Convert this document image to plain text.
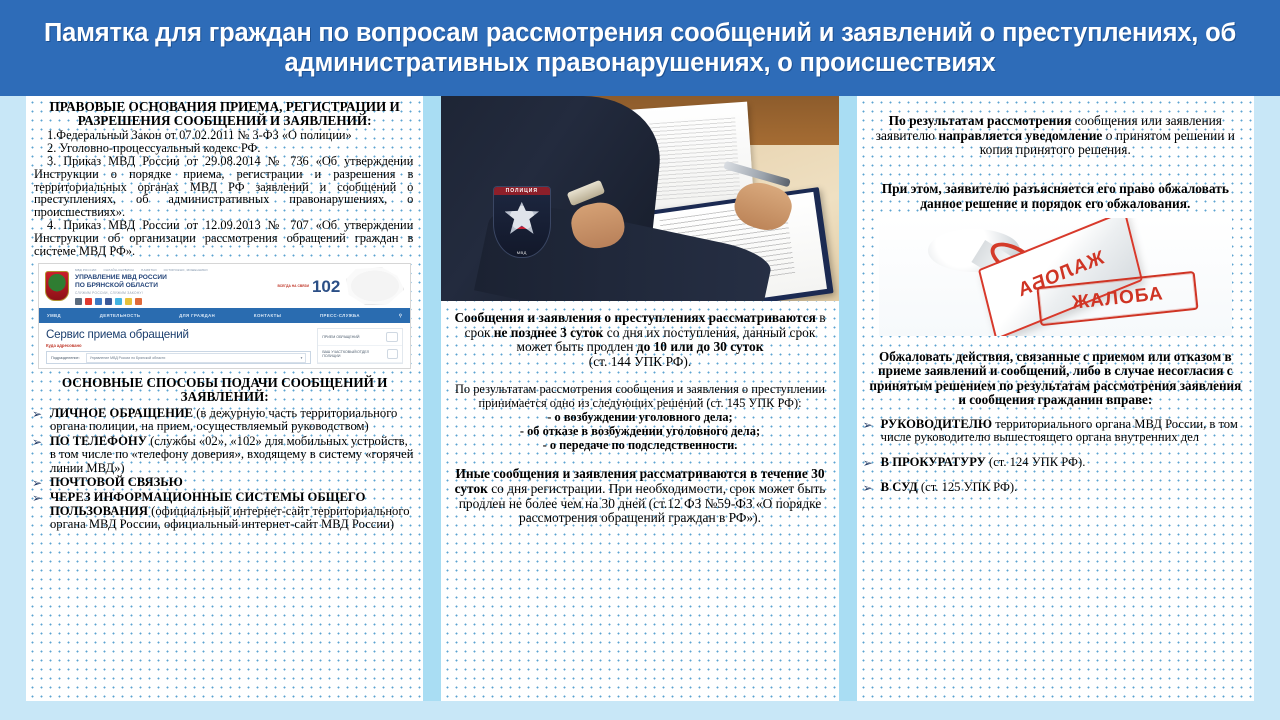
Памятка для граждан по вопросам рассмотрения сообщений и заявлений о преступлениях, об административных правонарушениях, о происшествиях
ПРАВОВЫЕ ОСНОВАНИЯ ПРИЕМА, РЕГИСТРАЦИИ И РАЗРЕШЕНИЯ СООБЩЕНИЙ И ЗАЯВЛЕНИЙ:

1.Федеральный Закон от 07.02.2011 № 3-ФЗ «О полиции»

2. Уголовно-процессуальный кодекс РФ.

3. Приказ МВД России от 29.08.2014 № 736 «Об утверждении Инструкции о порядке приема, регистрации и разрешения в территориальных органах МВД РФ заявлений и сообщений о преступлениях, об административных правонарушениях, о происшествиях».

4. Приказ МВД России от 12.09.2013 № 707 «Об утверждении Инструкции об организации рассмотрения обращений граждан в системе МВД РФ».

МВД РОССИИ ОНЛАЙН-СЕРВИСЫ ПАМЯТКИ ОСТОРОЖНО, МОШЕННИКИ
УПРАВЛЕНИЕ МВД РОССИИ
ПО БРЯНСКОЙ ОБЛАСТИ
СЛУЖИМ РОССИИ, СЛУЖИМ ЗАКОНУ!
ВСЕГДА НА СВЯЗИ 102
УМВД	ДЕЯТЕЛЬНОСТЬ	ДЛЯ ГРАЖДАН	КОНТАКТЫ	ПРЕСС-СЛУЖБА	⚲
Сервис приема обращений
Куда адресовано
Подразделение:	Управление МВД России по Брянской области	▾
ПРИЕМ ОБРАЩЕНИЙ
ВАШ УЧАСТКОВЫЙ/ОТДЕЛ ПОЛИЦИИ
ОСНОВНЫЕ СПОСОБЫ ПОДАЧИ СООБЩЕНИЙ И ЗАЯВЛЕНИЙ:
➢ ЛИЧНОЕ ОБРАЩЕНИЕ (в дежурную часть территориального органа полиции, на прием, осуществляемый руководством)
➢ ПО ТЕЛЕФОНУ (службы «02», «102» для мобильных устройств, в том числе по «телефону доверия», входящему в систему «горячей линии МВД»)
➢ ПОЧТОВОЙ СВЯЗЬЮ
➢ ЧЕРЕЗ ИНФОРМАЦИОННЫЕ СИСТЕМЫ ОБЩЕГО ПОЛЬЗОВАНИЯ (официальный интернет-сайт территориального органа МВД России, официальный интернет-сайт МВД России)
ПОЛИЦИЯ
МВД
Сообщения и заявления о преступлениях рассматриваются в срок не позднее 3 суток со дня их поступления, данный срок может быть продлен до 10 или до 30 суток
(ст. 144 УПК РФ).
По результатам рассмотрения сообщения и заявления о преступлении принимается одно из следующих решений (ст. 145 УПК РФ):
- о возбуждении уголовного дела;
- об отказе в возбуждении уголовного дела;
- о передаче по подследственности.
Иные сообщения и заявления рассматриваются в течение 30 суток со дня регистрации. При необходимости, срок может быть продлен не более чем на 30 дней (ст.12 ФЗ №59-ФЗ «О порядке рассмотрения обращений граждан в РФ»).
По результатам рассмотрения сообщения или заявления заявителю направляется уведомление о принятом решении и копия принятого решения.
При этом, заявителю разъясняется его право обжаловать данное решение и порядок его обжалования.
ЖАЛОБА
ЖАЛОБА
Обжаловать действия, связанные с приемом или отказом в приеме заявлений и сообщений, либо в случае несогласия с принятым решением по результатам рассмотрения заявления и сообщения гражданин вправе:
➢ РУКОВОДИТЕЛЮ территориального органа МВД России, в том числе руководителю вышестоящего органа внутренних дел
➢ В ПРОКУРАТУРУ (ст. 124 УПК РФ).
➢ В СУД (ст. 125 УПК РФ).
